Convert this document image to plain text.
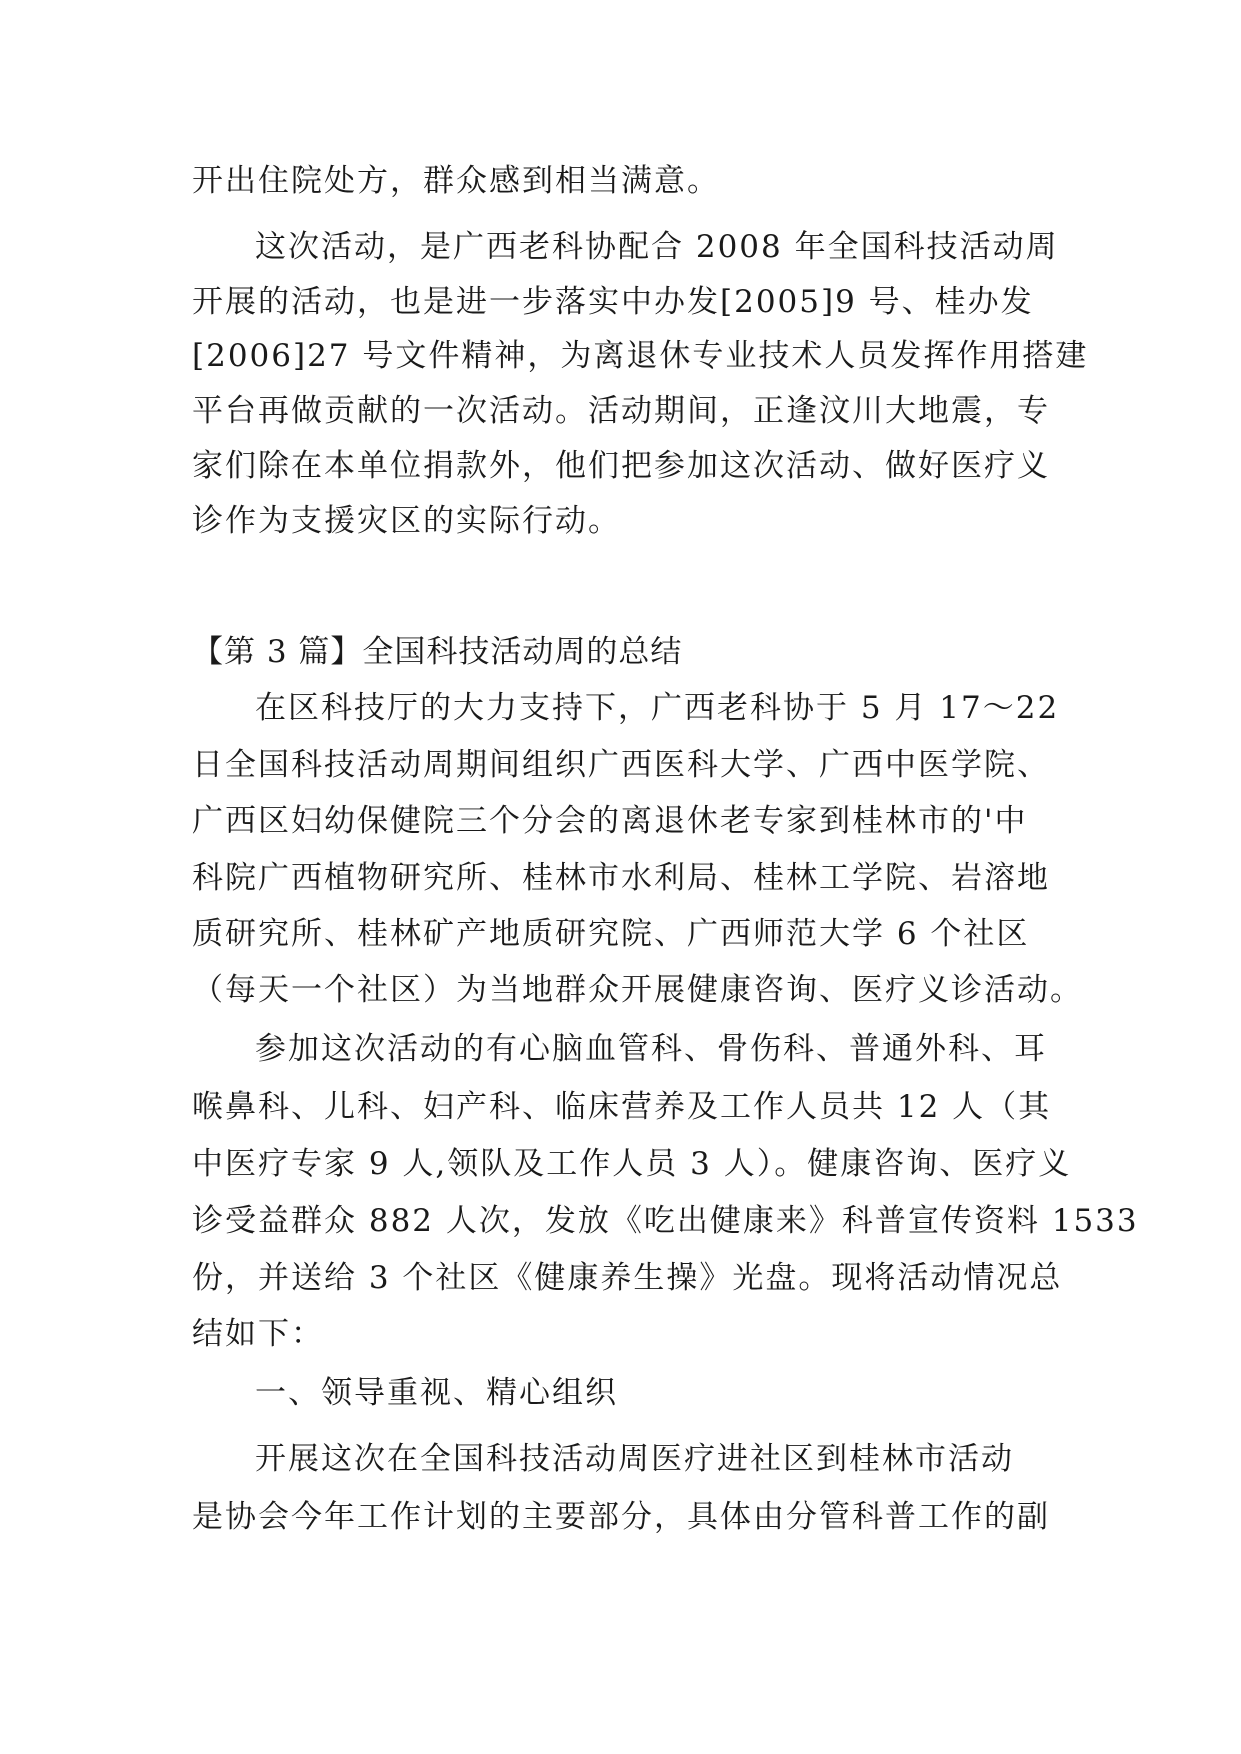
开出住院处方，群众感到相当满意。

这次活动，是广西老科协配合 2008 年全国科技活动周

开展的活动，也是进一步落实中办发[2005]9 号、桂办发

[2006]27 号文件精神，为离退休专业技术人员发挥作用搭建

平台再做贡献的一次活动。活动期间，正逢汶川大地震，专

家们除在本单位捐款外，他们把参加这次活动、做好医疗义

诊作为支援灾区的实际行动。

【第 3 篇】全国科技活动周的总结

在区科技厅的大力支持下，广西老科协于 5 月 17～22

日全国科技活动周期间组织广西医科大学、广西中医学院、

广西区妇幼保健院三个分会的离退休老专家到桂林市的'中

科院广西植物研究所、桂林市水利局、桂林工学院、岩溶地

质研究所、桂林矿产地质研究院、广西师范大学 6 个社区

（每天一个社区）为当地群众开展健康咨询、医疗义诊活动。

参加这次活动的有心脑血管科、骨伤科、普通外科、耳

喉鼻科、儿科、妇产科、临床营养及工作人员共 12 人（其

中医疗专家 9 人,领队及工作人员 3 人）。健康咨询、医疗义

诊受益群众 882 人次，发放《吃出健康来》科普宣传资料 1533

份，并送给 3 个社区《健康养生操》光盘。现将活动情况总

结如下：

一、领导重视、精心组织

开展这次在全国科技活动周医疗进社区到桂林市活动

是协会今年工作计划的主要部分，具体由分管科普工作的副
